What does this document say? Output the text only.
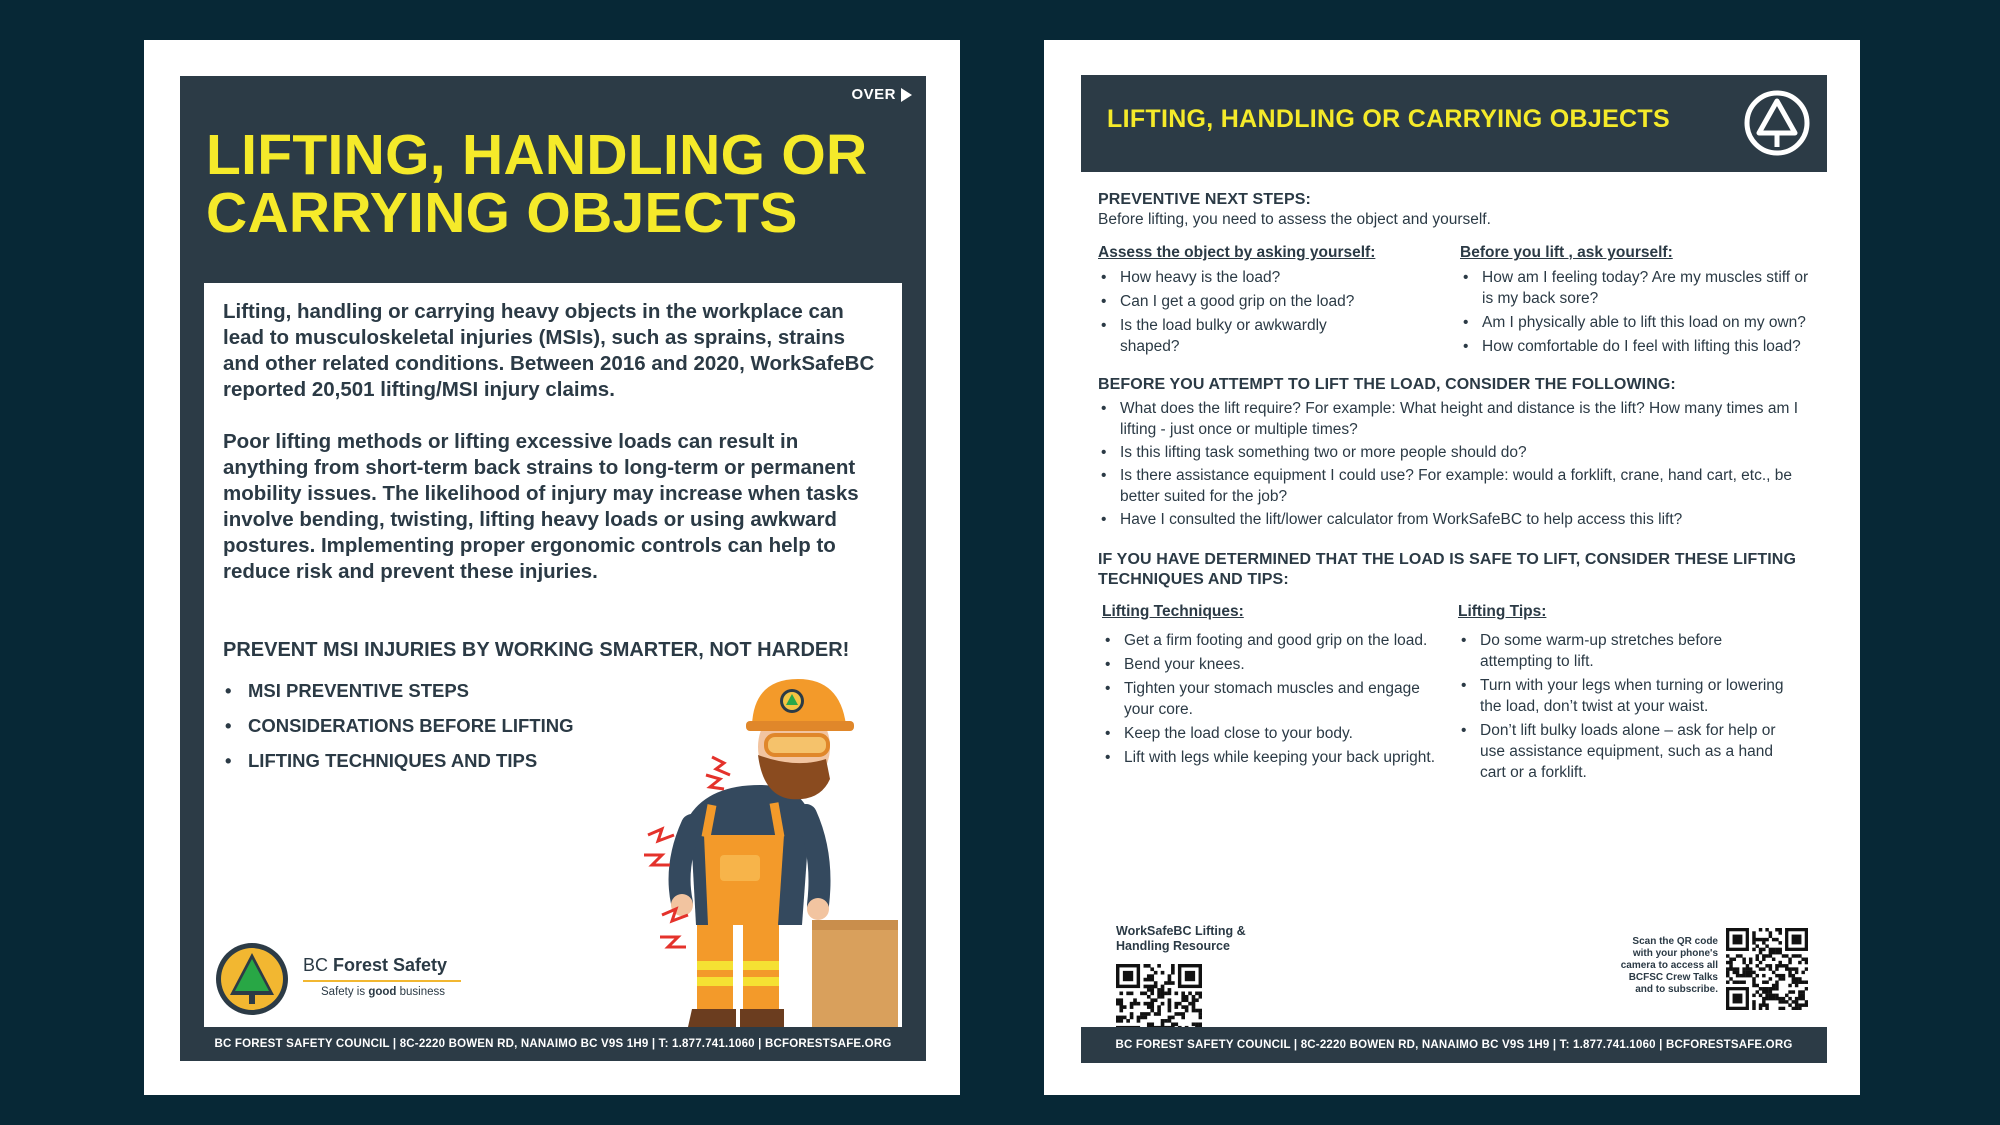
OVER
LIFTING, HANDLING OR
CARRYING OBJECTS

Lifting, handling or carrying heavy objects in the workplace can lead to musculoskeletal injuries (MSIs), such as sprains, strains and other related conditions. Between 2016 and 2020, WorkSafeBC reported 20,501 lifting/MSI injury claims.

Poor lifting methods or lifting excessive loads can result in anything from short-term back strains to long-term or permanent mobility issues. The likelihood of injury may increase when tasks involve bending, twisting, lifting heavy loads or using awkward postures. Implementing proper ergonomic controls can help to reduce risk and prevent these injuries.

PREVENT MSI INJURIES BY WORKING SMARTER, NOT HARDER!
• MSI PREVENTIVE STEPS
• CONSIDERATIONS BEFORE LIFTING
• LIFTING TECHNIQUES AND TIPS
BC Forest Safety
Safety is good business
BC FOREST SAFETY COUNCIL | 8C-2220 BOWEN RD, NANAIMO BC V9S 1H9 | T: 1.877.741.1060 | BCFORESTSAFE.ORG
LIFTING, HANDLING OR CARRYING OBJECTS
PREVENTIVE NEXT STEPS:
Before lifting, you need to assess the object and yourself.
Assess the object by asking yourself:
• How heavy is the load?
• Can I get a good grip on the load?
• Is the load bulky or awkwardly shaped?
Before you lift , ask yourself:
• How am I feeling today? Are my muscles stiff or is my back sore?
• Am I physically able to lift this load on my own?
• How comfortable do I feel with lifting this load?
BEFORE YOU ATTEMPT TO LIFT THE LOAD, CONSIDER THE FOLLOWING:
• What does the lift require? For example: What height and distance is the lift? How many times am I lifting - just once or multiple times?
• Is this lifting task something two or more people should do?
• Is there assistance equipment I could use? For example: would a forklift, crane, hand cart, etc., be better suited for the job?
• Have I consulted the lift/lower calculator from WorkSafeBC to help access this lift?
IF YOU HAVE DETERMINED THAT THE LOAD IS SAFE TO LIFT, CONSIDER THESE LIFTING TECHNIQUES AND TIPS:
Lifting Techniques:
• Get a firm footing and good grip on the load.
• Bend your knees.
• Tighten your stomach muscles and engage your core.
• Keep the load close to your body.
• Lift with legs while keeping your back upright.
Lifting Tips:
• Do some warm-up stretches before attempting to lift.
• Turn with your legs when turning or lowering the load, don’t twist at your waist.
• Don’t lift bulky loads alone – ask for help or use assistance equipment, such as a hand cart or a forklift.
WorkSafeBC Lifting & Handling Resource	Scan the QR code with your phone's camera to access all BCFSC Crew Talks and to subscribe.
BC FOREST SAFETY COUNCIL | 8C-2220 BOWEN RD, NANAIMO BC V9S 1H9 | T: 1.877.741.1060 | BCFORESTSAFE.ORG
